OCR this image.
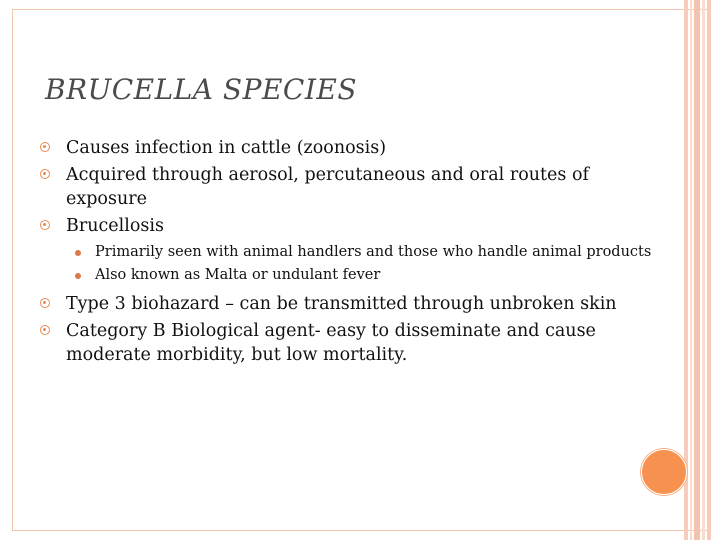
BRUCELLA SPECIES
Causes infection in cattle (zoonosis)
Acquired through aerosol, percutaneous and oral routes of exposure
Brucellosis
Primarily seen with animal handlers and those who handle animal products
Also known as Malta or undulant fever
Type 3 biohazard – can be transmitted through unbroken skin
Category B Biological agent- easy to disseminate and cause moderate morbidity, but low mortality.
